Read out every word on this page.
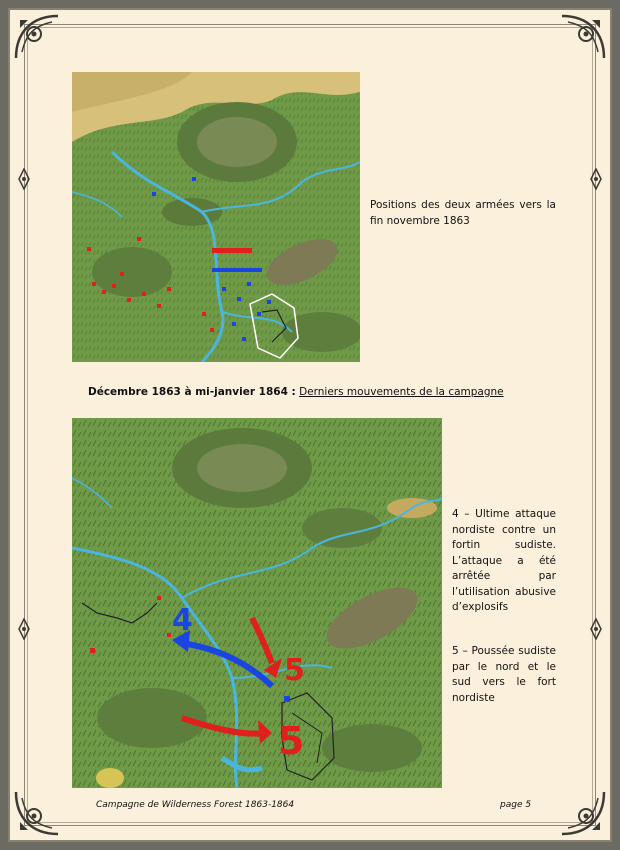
Positions des deux armées vers la fin novembre 1863
Décembre 1863 à mi-janvier 1864 : Derniers mouvements de la campagne
4
5
5
4 – Ultime attaque nordiste contre un fortin sudiste. L’attaque a été arrêtée par l’utilisation abusive d’explosifs
5 – Poussée sudiste par le nord et le sud vers le fort nordiste
Campagne de Wilderness Forest 1863-1864	page 5
